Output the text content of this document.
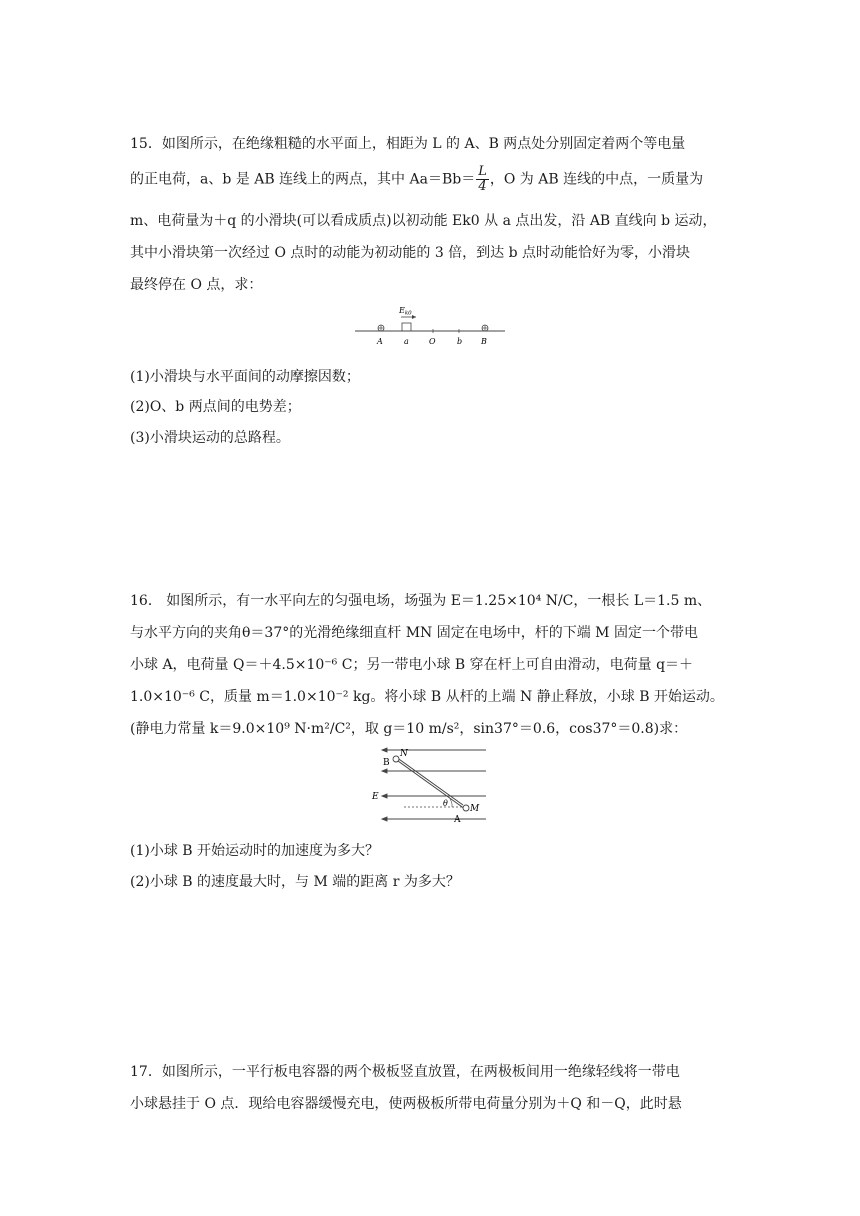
15．如图所示，在绝缘粗糙的水平面上，相距为 L 的 A、B 两点处分别固定着两个等电量
的正电荷，a、b 是 AB 连线上的两点，其中 $Aa=Bb= \frac{L}{4}$ ，O 为 AB 连线的中点，一质量为
m、电荷量为＋q 的小滑块(可以看成质点)以初动能 Ek0 从 a 点出发，沿 AB 直线向 b 运动，
其中小滑块第一次经过 O 点时的动能为初动能的 3 倍，到达 b 点时动能恰好为零，小滑块
最终停在 O 点，求：
Ek0
A	a	O	b B
(1)小滑块与水平面间的动摩擦因数；
(2)O、b 两点间的电势差；
(3)小滑块运动的总路程。
16． 如图所示，有一水平向左的匀强电场，场强为 E＝1.25×10⁴ N/C，一根长 L＝1.5 m、
与水平方向的夹角θ＝37°的光滑绝缘细直杆 MN 固定在电场中，杆的下端 M 固定一个带电
小球 A，电荷量 Q＝＋4.5×10⁻⁶ C；另一带电小球 B 穿在杆上可自由滑动，电荷量 q＝＋
1.0×10⁻⁶ C，质量 m＝1.0×10⁻² kg。将小球 B 从杆的上端 N 静止释放，小球 B 开始运动。
(静电力常量 k＝9.0×10⁹ N·m²/C²，取 g＝10 m/s²，sin37°＝0.6，cos37°＝0.8)求：
N
B
E
θ
M
A
(1)小球 B 开始运动时的加速度为多大？
(2)小球 B 的速度最大时，与 M 端的距离 r 为多大？
17．如图所示，一平行板电容器的两个极板竖直放置，在两极板间用一绝缘轻线将一带电
小球悬挂于 O 点．现给电容器缓慢充电，使两极板所带电荷量分别为＋Q 和－Q，此时悬
